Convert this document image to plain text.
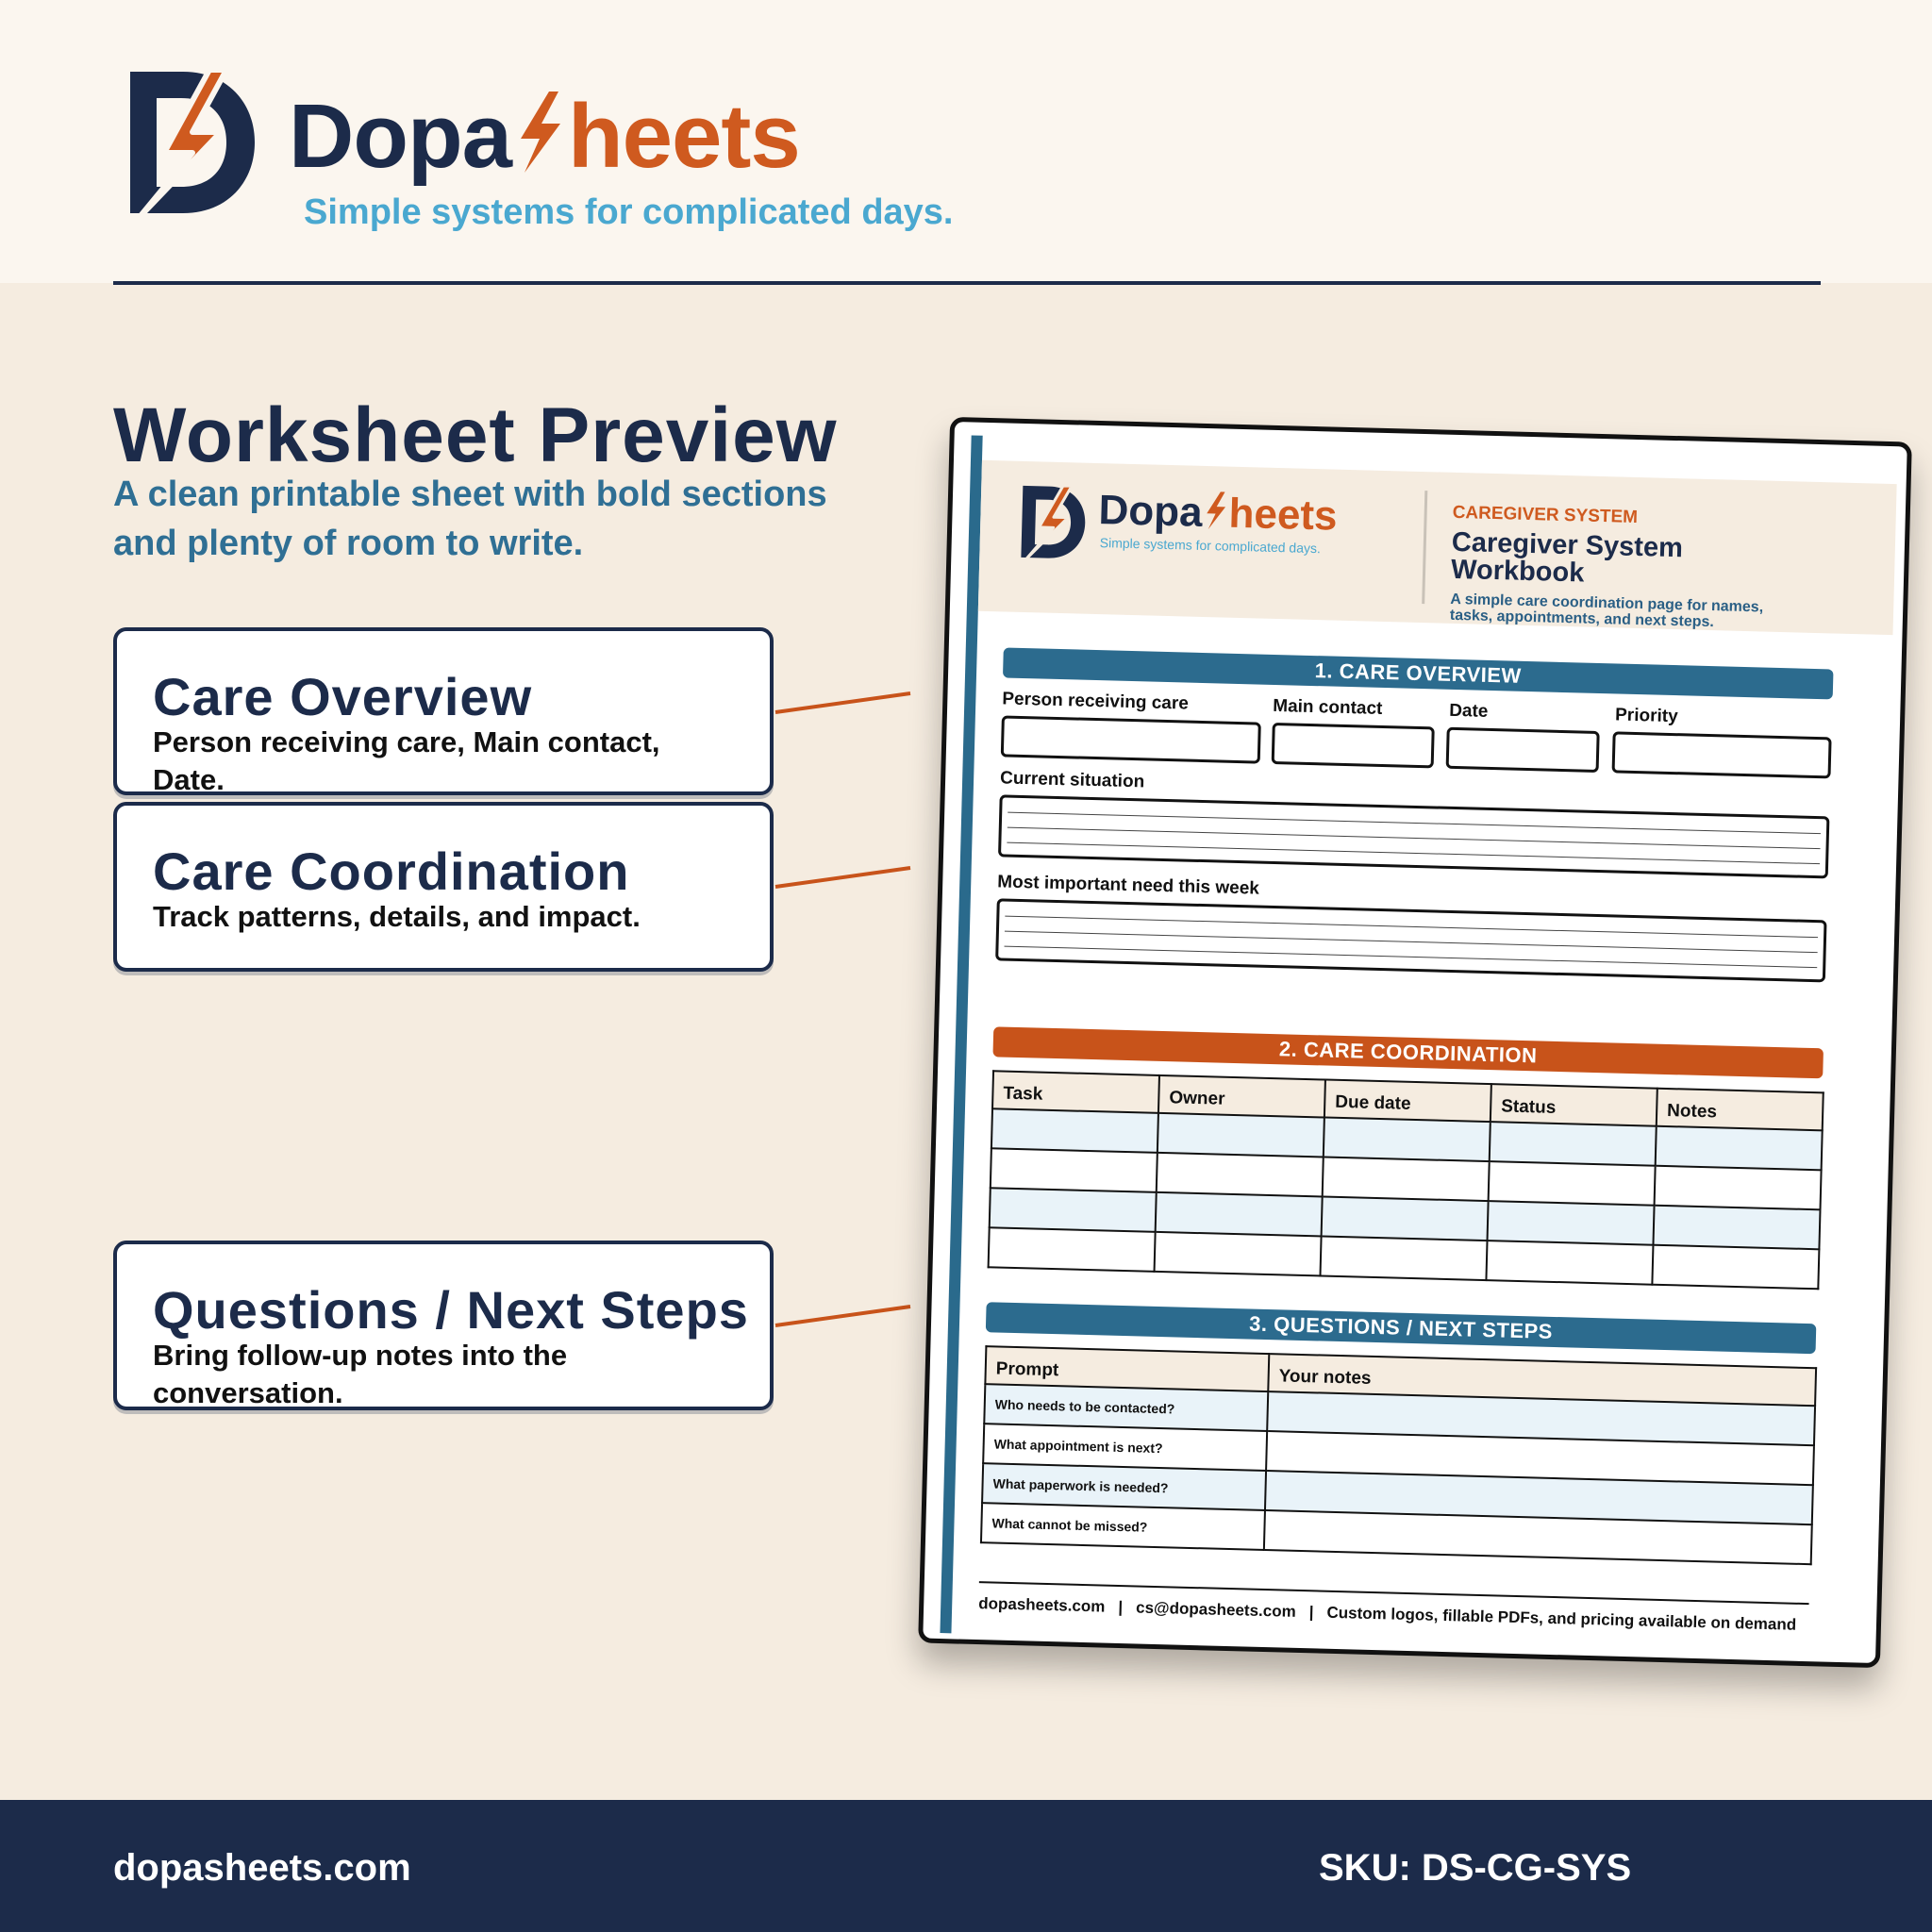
Dopa heets
Simple systems for complicated days.
Worksheet Preview
A clean printable sheet with bold sections and plenty of room to write.
Care Overview
Person receiving care, Main contact, Date.
Care Coordination
Track patterns, details, and impact.
Questions / Next Steps
Bring follow-up notes into the conversation.
Dopa heets
Simple systems for complicated days.
CAREGIVER SYSTEM
Caregiver System Workbook
A simple care coordination page for names, tasks, appointments, and next steps.
1. CARE OVERVIEW
Person receiving care	Main contact	Date	Priority
Current situation
Most important need this week
2. CARE COORDINATION
Task	Owner	Due date	Status	Notes

3. QUESTIONS / NEXT STEPS
Prompt	Your notes
Who needs to be contacted?	
What appointment is next?	
What paperwork is needed?	
What cannot be missed?	
dopasheets.com | cs@dopasheets.com | Custom logos, fillable PDFs, and pricing available on demand
dopasheets.com	SKU: DS-CG-SYS
